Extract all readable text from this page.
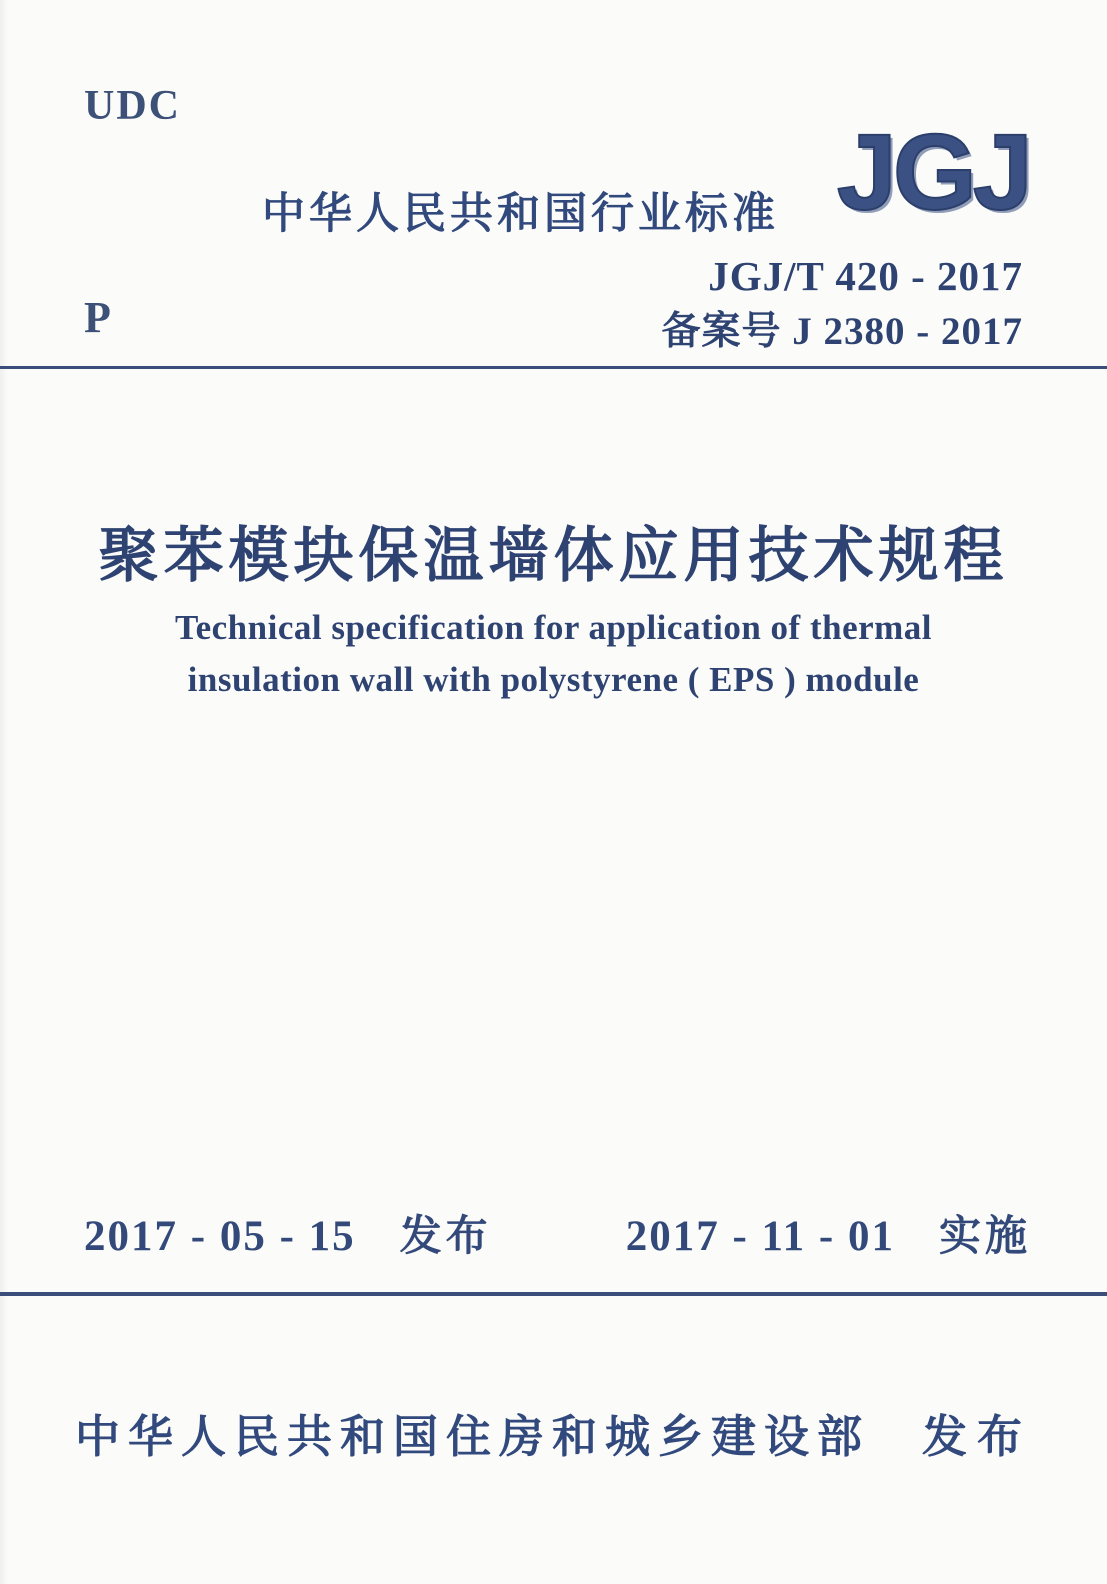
UDC
中华人民共和国行业标准 JGJ
JGJ/T 420 - 2017
备案号 J 2380 - 2017
P
聚苯模块保温墙体应用技术规程
Technical specification for application of thermal
insulation wall with polystyrene ( EPS ) module
2017 - 05 - 15 发布	2017 - 11 - 01 实施
中华人民共和国住房和城乡建设部 发布
